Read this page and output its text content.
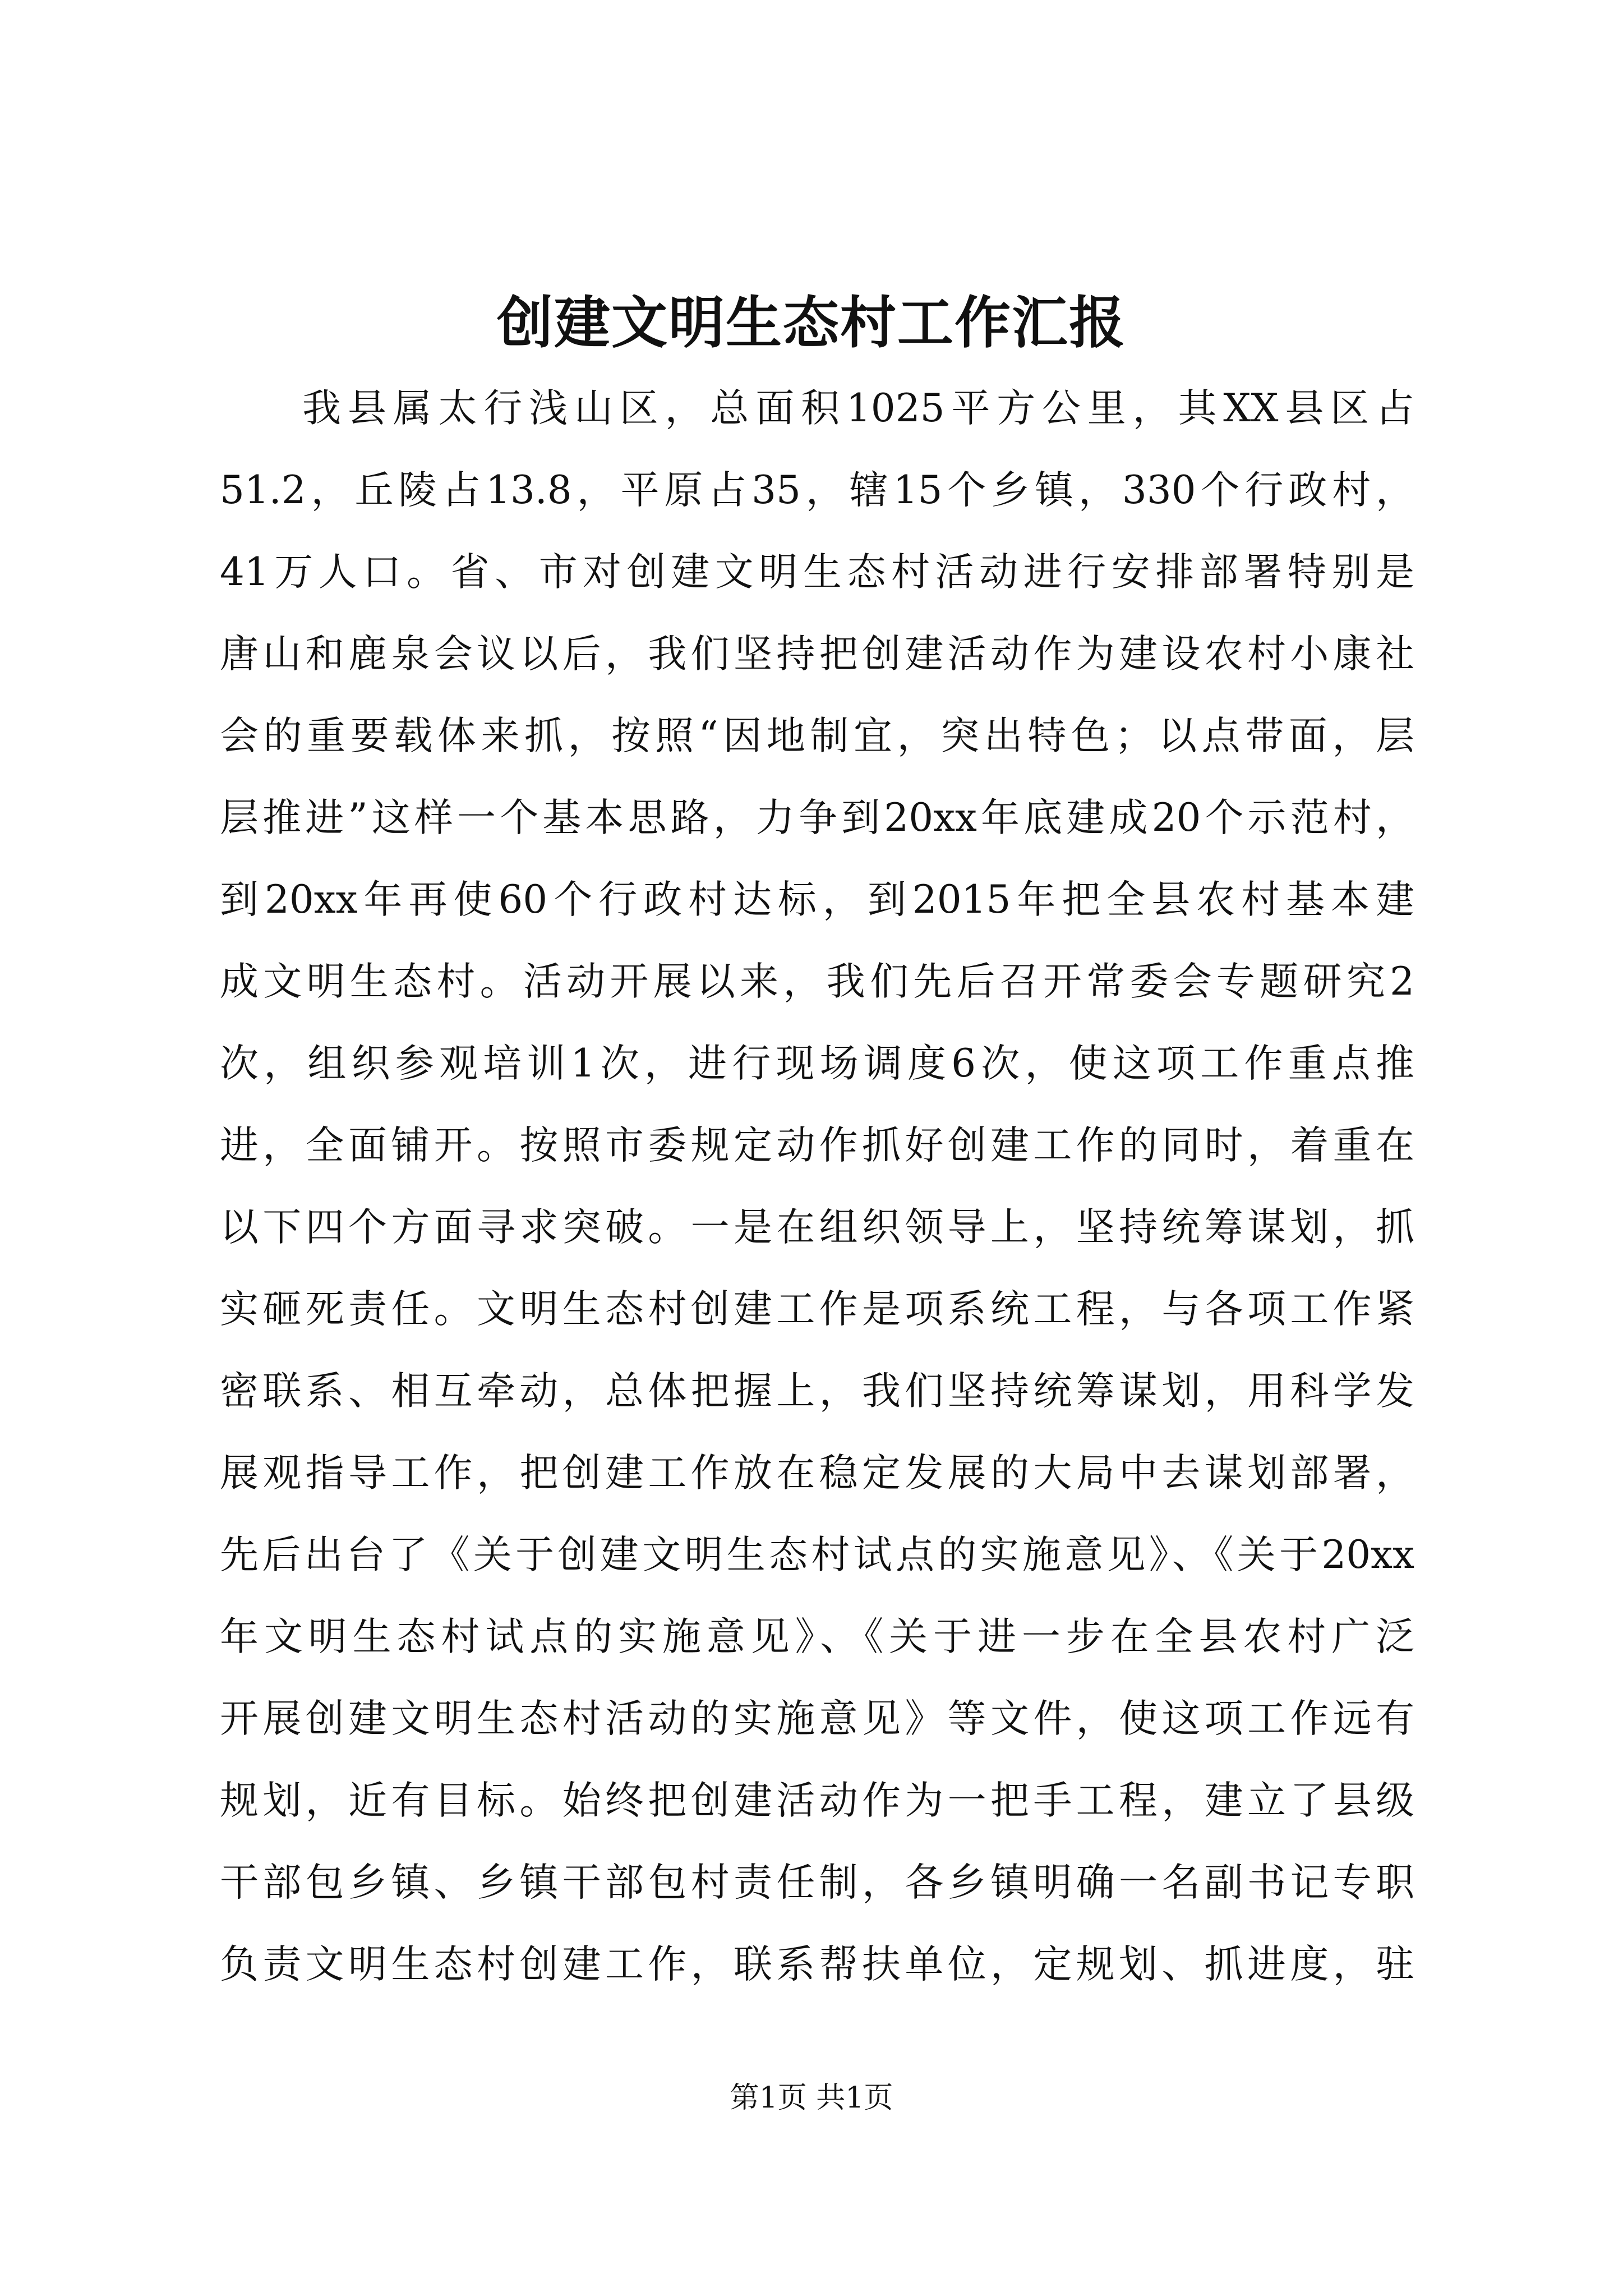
创建文明生态村工作汇报
我县属太行浅山区，总面积1025平方公里，其XX县区占
51.2，丘陵占13.8，平原占35，辖15个乡镇，330个行政村，
41万人口。省、市对创建文明生态村活动进行安排部署特别是
唐山和鹿泉会议以后，我们坚持把创建活动作为建设农村小康社
会的重要载体来抓，按照“因地制宜，突出特色；以点带面，层
层推进”这样一个基本思路，力争到20xx年底建成20个示范村，
到20xx年再使60个行政村达标，到2015年把全县农村基本建
成文明生态村。活动开展以来，我们先后召开常委会专题研究2
次，组织参观培训1次，进行现场调度6次，使这项工作重点推
进，全面铺开。按照市委规定动作抓好创建工作的同时，着重在
以下四个方面寻求突破。一是在组织领导上，坚持统筹谋划，抓
实砸死责任。文明生态村创建工作是项系统工程，与各项工作紧
密联系、相互牵动，总体把握上，我们坚持统筹谋划，用科学发
展观指导工作，把创建工作放在稳定发展的大局中去谋划部署，
先后出台了《关于创建文明生态村试点的实施意见》、《关于20xx
年文明生态村试点的实施意见》、《关于进一步在全县农村广泛
开展创建文明生态村活动的实施意见》等文件，使这项工作远有
规划，近有目标。始终把创建活动作为一把手工程，建立了县级
干部包乡镇、乡镇干部包村责任制，各乡镇明确一名副书记专职
负责文明生态村创建工作，联系帮扶单位，定规划、抓进度，驻
第1页 共1页
